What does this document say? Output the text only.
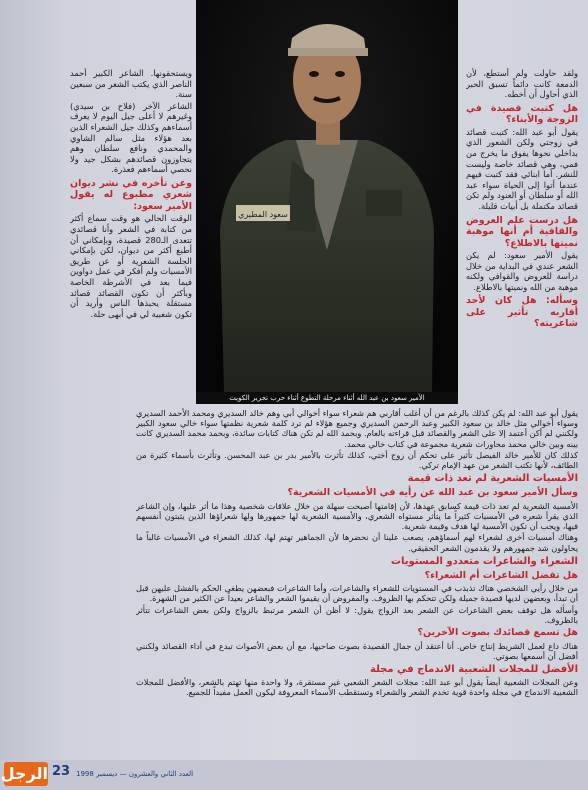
سعود المطيري
الأمير سعود بن عبد الله أثناء مرحلة التطوع أثناء حرب تحرير الكويت

ويستحقونها. الشاعر الكبير أحمد الناصر الذي يكتب الشعر من سبعين سنة.

الشاعر الآخر (فلاح بن سيدي) وغيرهم لا أعلى جيل اليوم لا يعرف أسماءهم وكذلك جيل الشعراء الذين بعد هؤلاء مثل سالم الشاوي والمحمدي ونافع سلطان وهم يتجاوزون قصائدهم بشكل جيد ولا نحصي أسماءهم فعذرة.

وعن تأخره في نشر ديوان شعري مطبوع له يقول الأمير سعود:

الوقت الحالي هو وقت سماع أكثر من كتابة في الشعر وأنا قصائدي تتعدى الـ280 قصيدة، وبإمكاني أن أطبع أكثر من ديوان، لكن بإمكاني الجلسة الشعرية أو عن طريق الأمسيات ولم أفكر في عمل دواوين فيما بعد في الأشرطة الخاصة وبأكثر أن تكون القصائد قصائد مستقلة يحبذها الناس وأريد أن تكون شعبية لي في أبهى حلة.

ولقد حاولت ولم أستطع، لأن الدمعة كانت دائماً تسبق الحبر الذي أحاول أن أخطه.

هل كتبت قصيدة في الزوجة والأبناء؟

يقول أبو عبد الله: كتبت قصائد في زوجتي ولكن الشعور الذي بداخلي نحوها يفوق ما يخرج من فمي، وهي قصائد خاصة وليست للنشر. أما ابنائي فقد كتبت فيهم عندما أتوا إلى الحياة سواء عبد الله أو سلطان أو العنود ولم تكن قصائد مكتملة بل أبيات قليلة.

هل درست علم العروض والقافية أم أنها موهبة نميتها بالاطلاع؟

يقول الأمير سعود: لم يكن الشعر عندي في البداية من خلال دراسة للعروض والقوافي ولكنه موهبة من الله ونميتها بالاطلاع.

وسأله: هل كان لأحد أقاربه تأثير على شاعريته؟

يقول أبو عبد الله: لم يكن كذلك بالرغم من أن أغلب أقاربي هم شعراء سواء أخوالي أبي وهم خالد السديري ومحمد الأحمد السديري وسواء أخوالي مثل خالد بن سعود الكبير وعبد الرحمن السديري وجميع هؤلاء لم ترد كلمة شعرية نظمتها سواء خالي سعود الكبير ولكنني لم أكن أعتمد إلا على الشعر والقصائد قبل قراءته بالعام. وبحمد الله لم تكن هناك كتابات سائدة، وبحمد محمد السديري كانت بينه وبين خالي محمد محاورات شعرية مجموعة في كتاب خالي محمد.

كذلك كان للأمير خالد الفيصل تأثير على تحكم أن زوج أختي، كذلك تأثرت بالأمير بدر بن عبد المحسن. وتأثرت بأسماء كثيرة من الطائف، لأنها تكتب الشعر من عهد الإمام تركي.

الأمسيات الشعرية لم تعد ذات قيمة
وسأل الأمير سعود بن عبد الله عن رأيه في الأمسيات الشعرية؟

الأمسية الشعرية لم تعد ذات قيمة كسابق عهدها، لأن إقامتها أصبحت سهلة من خلال علاقات شخصية وهذا ما أثر عليها، وإن الشاعر الذي يقرأ شعره في الأمسيات كثيراً ما يتأثر مستواه الشعري، والأمسية الشعرية لها جمهورها ولها شعراؤها الذين يثبتون أنفسهم فيها، ويجب أن تكون الأمسية لها هدف وقيمة شعرية.

وهناك أمسيات أخرى لشعراء لهم أسماؤهم، يصعب علينا أن نحضرها لأن الجماهير تهتم لها، كذلك الشعراء في الأمسيات غالباً ما يحاولون شد جمهورهم ولا يقدمون الشعر الحقيقي.

الشعراء والشاعرات متعددو المستويات
هل تفضل الشاعرات أم الشعراء؟

من خلال رأيي الشخصي هناك تذبذب في المستويات للشعراء والشاعرات، وأما الشاعرات فبعضهن يطغى الحكم بالفشل عليهن قبل أن تبدأ، وبعضهن لديها قصيدة جميلة ولكن تتحكم بها الظروف. والمفروض أن يقيموا الشعر والشاعر بعيداً عن الكثير من الشهرة.

وأسأله هل توقف بعض الشاعرات عن الشعر بعد الزواج يقول: لا أظن أن الشعر مرتبط بالزواج ولكن بعض الشاعرات تتأثر بالظروف.

هل تسمع قصائدك بصوت الآخرين؟

هناك داع لعمل الشريط إنتاج خاص. أنا أعتقد أن جمال القصيدة بصوت صاحبها، مع أن بعض الأصوات تبدع في أداء القصائد ولكنني أفضل أن أسمعها بصوتي.

الأفضل للمجلات الشعبية الاندماج في مجلة

وعن المجلات الشعبية أيضاً يقول أبو عبد الله: مجلات الشعر الشعبي غير مستقرة، ولا واحدة منها تهتم بالشعر، والأفضل للمجلات الشعبية الاندماج في مجلة واحدة قوية تخدم الشعر والشعراء وتستقطب الأسماء المعروفة ليكون العمل مفيداً للجميع.

الرجل 23 العدد الثاني والعشرون — ديسمبر 1998
